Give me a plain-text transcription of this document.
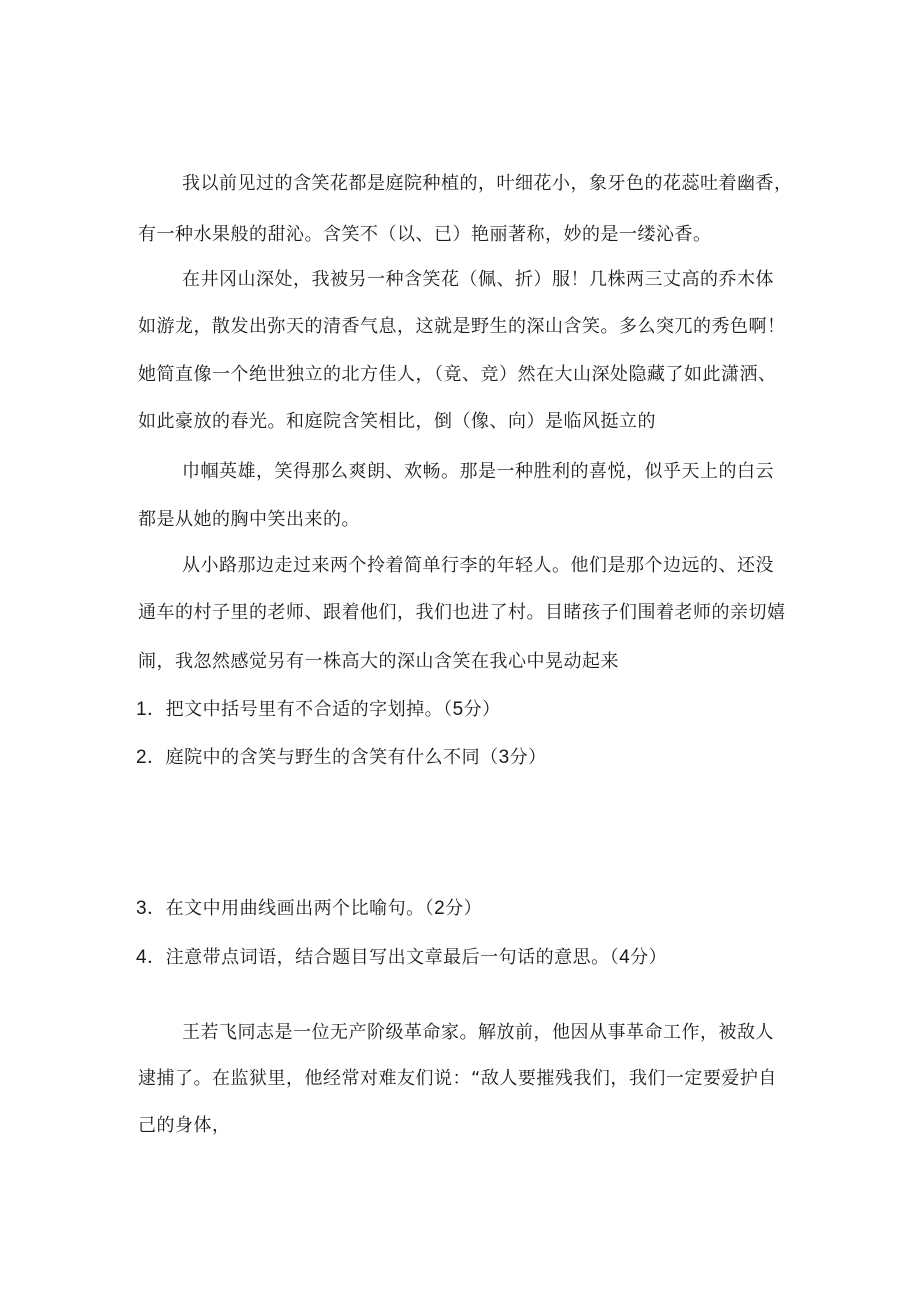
我以前见过的含笑花都是庭院种植的，叶细花小，象牙色的花蕊吐着幽香，
有一种水果般的甜沁。含笑不（以、已）艳丽著称，妙的是一缕沁香。
在井冈山深处，我被另一种含笑花（佩、折）服！几株两三丈高的乔木体
如游龙，散发出弥天的清香气息，这就是野生的深山含笑。多么突兀的秀色啊！
她简直像一个绝世独立的北方佳人，（竟、竞）然在大山深处隐藏了如此潇洒、
如此豪放的春光。和庭院含笑相比，倒（像、向）是临风挺立的
巾帼英雄，笑得那么爽朗、欢畅。那是一种胜利的喜悦，似乎天上的白云
都是从她的胸中笑出来的。
从小路那边走过来两个拎着简单行李的年轻人。他们是那个边远的、还没
通车的村子里的老师、跟着他们，我们也进了村。目睹孩子们围着老师的亲切嬉
闹，我忽然感觉另有一株高大的深山含笑在我心中晃动起来
1．把文中括号里有不合适的字划掉。（5分）
2．庭院中的含笑与野生的含笑有什么不同（3分）
3．在文中用曲线画出两个比喻句。（2分）
4．注意带点词语，结合题目写出文章最后一句话的意思。（4分）
王若飞同志是一位无产阶级革命家。解放前，他因从事革命工作，被敌人
逮捕了。在监狱里，他经常对难友们说：“敌人要摧残我们，我们一定要爱护自
己的身体，
